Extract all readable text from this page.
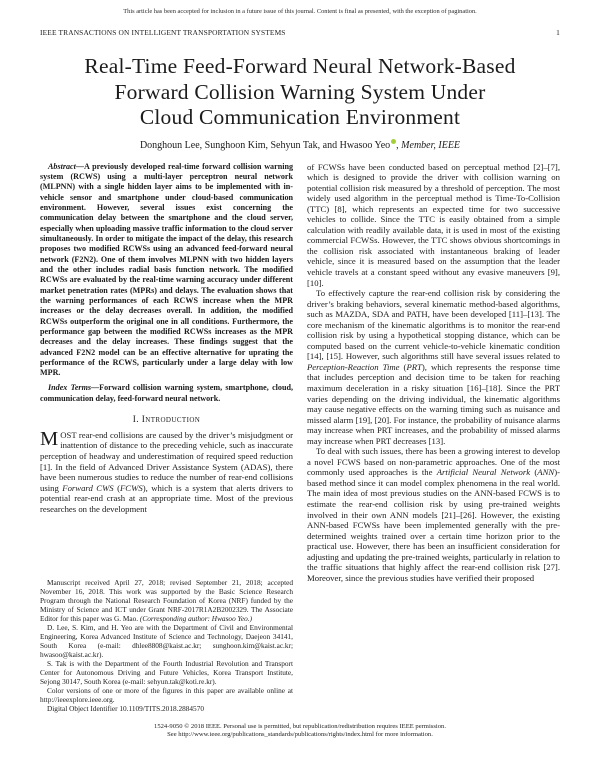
This article has been accepted for inclusion in a future issue of this journal. Content is final as presented, with the exception of pagination.
IEEE TRANSACTIONS ON INTELLIGENT TRANSPORTATION SYSTEMS	1
Real-Time Feed-Forward Neural Network-Based
Forward Collision Warning System Under
Cloud Communication Environment
Donghoun Lee, Sunghoon Kim, Sehyun Tak, and Hwasoo Yeo , Member, IEEE

Abstract—A previously developed real-time forward collision warning system (RCWS) using a multi-layer perceptron neural network (MLPNN) with a single hidden layer aims to be implemented with in-vehicle sensor and smartphone under cloud-based communication environment. However, several issues exist concerning the communication delay between the smartphone and the cloud server, especially when uploading massive traffic information to the cloud server simultaneously. In order to mitigate the impact of the delay, this research proposes two modified RCWSs using an advanced feed-forward neural network (F2N2). One of them involves MLPNN with two hidden layers and the other includes radial basis function network. The modified RCWSs are evaluated by the real-time warning accuracy under different market penetration rates (MPRs) and delays. The evaluation shows that the warning performances of each RCWS increase when the MPR increases or the delay decreases overall. In addition, the modified RCWSs outperform the original one in all conditions. Furthermore, the performance gap between the modified RCWSs increases as the MPR decreases and the delay increases. These findings suggest that the advanced F2N2 model can be an effective alternative for uprating the performance of the RCWS, particularly under a large delay with low MPR.

Index Terms—Forward collision warning system, smartphone, cloud, communication delay, feed-forward neural network.

I. Introduction

MOST rear-end collisions are caused by the driver’s misjudgment or inattention of distance to the preceding vehicle, such as inaccurate perception of headway and underestimation of required speed reduction [1]. In the field of Advanced Driver Assistance System (ADAS), there have been numerous studies to reduce the number of rear-end collisions using Forward CWS (FCWS), which is a system that alerts drivers to potential rear-end crash at an appropriate time. Most of the previous researches on the development

Manuscript received April 27, 2018; revised September 21, 2018; accepted November 16, 2018. This work was supported by the Basic Science Research Program through the National Research Foundation of Korea (NRF) funded by the Ministry of Science and ICT under Grant NRF-2017R1A2B2002329. The Associate Editor for this paper was G. Mao. (Corresponding author: Hwasoo Yeo.)

D. Lee, S. Kim, and H. Yeo are with the Department of Civil and Environmental Engineering, Korea Advanced Institute of Science and Technology, Daejeon 34141, South Korea (e-mail: dhlee8808@kaist.ac.kr; sunghoon.kim@kaist.ac.kr; hwasoo@kaist.ac.kr).

S. Tak is with the Department of the Fourth Industrial Revolution and Transport Center for Autonomous Driving and Future Vehicles, Korea Transport Institute, Sejong 30147, South Korea (e-mail: sehyun.tak@koti.re.kr).

Color versions of one or more of the figures in this paper are available online at http://ieeexplore.ieee.org.

Digital Object Identifier 10.1109/TITS.2018.2884570

of FCWSs have been conducted based on perceptual method [2]–[7], which is designed to provide the driver with collision warning on potential collision risk measured by a threshold of perception. The most widely used algorithm in the perceptual method is Time-To-Collision (TTC) [8], which represents an expected time for two successive vehicles to collide. Since the TTC is easily obtained from a simple calculation with readily available data, it is used in most of the existing commercial FCWSs. However, the TTC shows obvious shortcomings in the collision risk associated with instantaneous braking of leader vehicle, since it is measured based on the assumption that the leader vehicle travels at a constant speed without any evasive maneuvers [9], [10].

To effectively capture the rear-end collision risk by considering the driver’s braking behaviors, several kinematic method-based algorithms, such as MAZDA, SDA and PATH, have been developed [11]–[13]. The core mechanism of the kinematic algorithms is to monitor the rear-end collision risk by using a hypothetical stopping distance, which can be computed based on the current vehicle-to-vehicle kinematic condition [14], [15]. However, such algorithms still have several issues related to Perception-Reaction Time (PRT), which represents the response time that includes perception and decision time to be taken for reaching maximum deceleration in a risky situation [16]–[18]. Since the PRT varies depending on the driving individual, the kinematic algorithms may cause negative effects on the warning timing such as nuisance and missed alarm [19], [20]. For instance, the probability of nuisance alarms may increase when PRT increases, and the probability of missed alarms may increase when PRT decreases [13].

To deal with such issues, there has been a growing interest to develop a novel FCWS based on non-parametric approaches. One of the most commonly used approaches is the Artificial Neural Network (ANN)-based method since it can model complex phenomena in the real world. The main idea of most previous studies on the ANN-based FCWS is to estimate the rear-end collision risk by using pre-trained weights involved in their own ANN models [21]–[26]. However, the existing ANN-based FCWSs have been implemented generally with the pre-determined weights trained over a certain time horizon prior to the practical use. However, there has been an insufficient consideration for adjusting and updating the pre-trained weights, particularly in relation to the traffic situations that highly affect the rear-end collision risk [27]. Moreover, since the previous studies have verified their proposed

1524-9050 © 2018 IEEE. Personal use is permitted, but republication/redistribution requires IEEE permission.
See http://www.ieee.org/publications_standards/publications/rights/index.html for more information.
